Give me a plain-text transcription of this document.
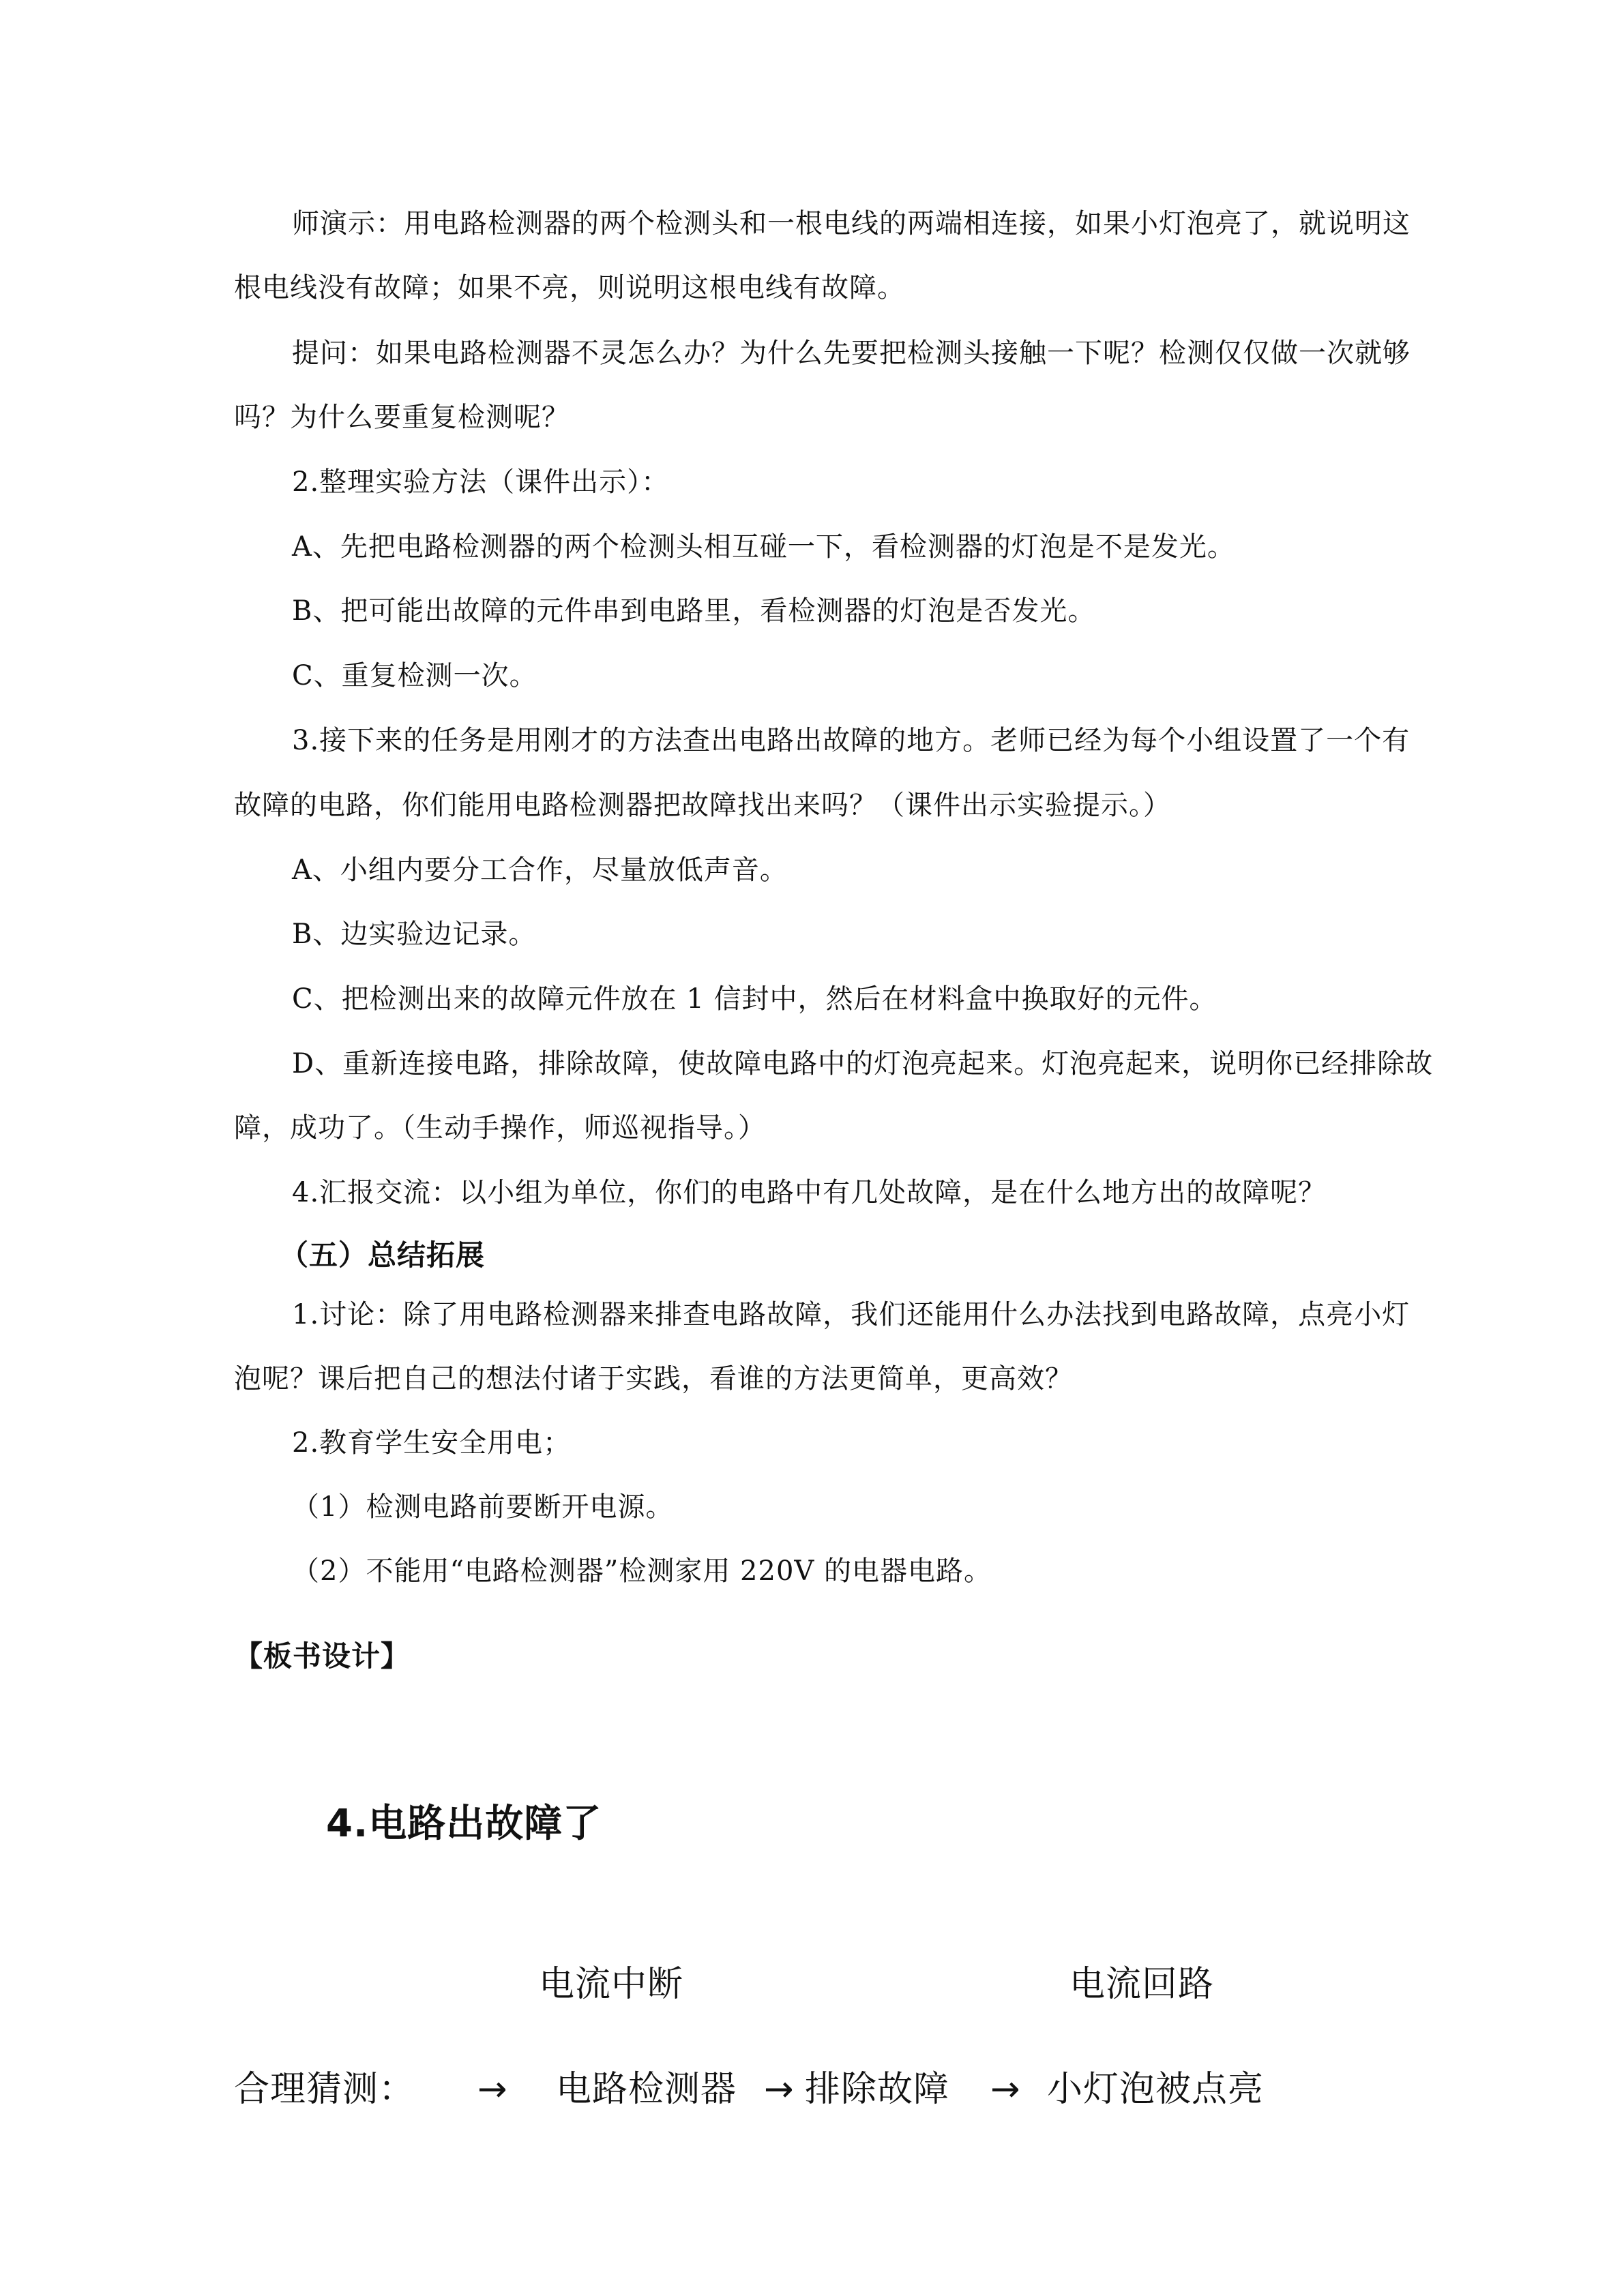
师演示：用电路检测器的两个检测头和一根电线的两端相连接，如果小灯泡亮了，就说明这
根电线没有故障；如果不亮，则说明这根电线有故障。
提问：如果电路检测器不灵怎么办？为什么先要把检测头接触一下呢？检测仅仅做一次就够
吗？为什么要重复检测呢？
2.整理实验方法（课件出示）：
A、先把电路检测器的两个检测头相互碰一下，看检测器的灯泡是不是发光。
B、把可能出故障的元件串到电路里，看检测器的灯泡是否发光。
C、重复检测一次。
3.接下来的任务是用刚才的方法查出电路出故障的地方。老师已经为每个小组设置了一个有
故障的电路，你们能用电路检测器把故障找出来吗？（课件出示实验提示。）
A、小组内要分工合作，尽量放低声音。
B、边实验边记录。
C、把检测出来的故障元件放在 1 信封中，然后在材料盒中换取好的元件。
D、重新连接电路，排除故障，使故障电路中的灯泡亮起来。灯泡亮起来，说明你已经排除故
障，成功了。（生动手操作，师巡视指导。）
4.汇报交流：以小组为单位，你们的电路中有几处故障，是在什么地方出的故障呢？
（五）总结拓展
1.讨论：除了用电路检测器来排查电路故障，我们还能用什么办法找到电路故障，点亮小灯
泡呢？课后把自己的想法付诸于实践，看谁的方法更简单，更高效？
2.教育学生安全用电；
（1）检测电路前要断开电源。
（2）不能用“电路检测器”检测家用 220V 的电器电路。
【板书设计】
4.电路出故障了
电流中断	电流回路
合理猜测： → 电路检测器 → 排除故障 → 小灯泡被点亮
